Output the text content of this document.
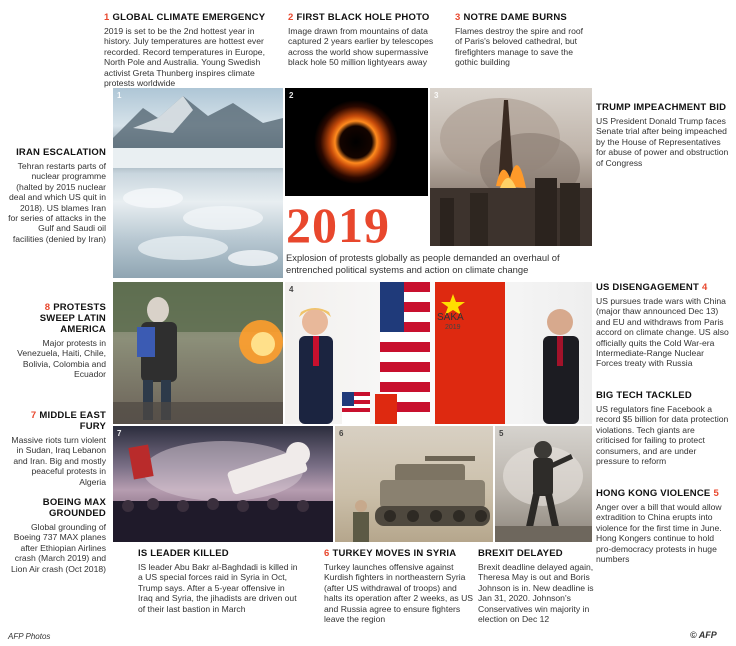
1 GLOBAL CLIMATE EMERGENCY
2019 is set to be the 2nd hottest year in history. July temperatures are hottest ever recorded. Record temperatures in Europe, North Pole and Australia. Young Swedish activist Greta Thunberg inspires climate protests worldwide
2 FIRST BLACK HOLE PHOTO
Image drawn from mountains of data captured 2 years earlier by telescopes across the world show supermassive black hole 50 million lightyears away
3 NOTRE DAME BURNS
Flames destroy the spire and roof of Paris's beloved cathedral, but firefighters manage to save the gothic building
TRUMP IMPEACHMENT BID
US President Donald Trump faces Senate trial after being impeached by the House of Representatives for abuse of power and obstruction of Congress
US DISENGAGEMENT 4
US pursues trade wars with China (major thaw announced Dec 13) and EU and withdraws from Paris accord on climate change. US also officially quits the Cold War-era Intermediate-Range Nuclear Forces treaty with Russia
BIG TECH TACKLED
US regulators fine Facebook a record $5 billion for data protection violations. Tech giants are criticised for failing to protect consumers, and are under pressure to reform
HONG KONG VIOLENCE 5
Anger over a bill that would allow extradition to China erupts into violence for the first time in June. Hong Kongers continue to hold pro-democracy protests in huge numbers
IRAN ESCALATION
Tehran restarts parts of nuclear programme (halted by 2015 nuclear deal and which US quit in 2018). US blames Iran for series of attacks in the Gulf and Saudi oil facilities (denied by Iran)
8 PROTESTS SWEEP LATIN AMERICA
Major protests in Venezuela, Haiti, Chile, Bolivia, Colombia and Ecuador
7 MIDDLE EAST FURY
Massive riots turn violent in Sudan, Iraq Lebanon and Iran. Big and mostly peaceful protests in Algeria
BOEING MAX GROUNDED
Global grounding of Boeing 737 MAX planes after Ethiopian Airlines crash (March 2019) and Lion Air crash (Oct 2018)
IS LEADER KILLED
IS leader Abu Bakr al-Baghdadi is killed in a US special forces raid in Syria in Oct, Trump says. After a 5-year offensive in Iraq and Syria, the jihadists are driven out of their last bastion in March
6 TURKEY MOVES IN SYRIA
Turkey launches offensive against Kurdish fighters in northeastern Syria (after US withdrawal of troops) and halts its operation after 2 weeks, as US and Russia agree to ensure fighters leave the region
BREXIT DELAYED
Brexit deadline delayed again, Theresa May is out and Boris Johnson is in. New deadline is Jan 31, 2020. Johnson's Conservatives win majority in election on Dec 12
1	2	3
2019
Explosion of protests globally as people demanded an overhaul of entrenched political systems and action on climate change
4
SAKA
2019
7	6	5
AFP Photos	© AFP
